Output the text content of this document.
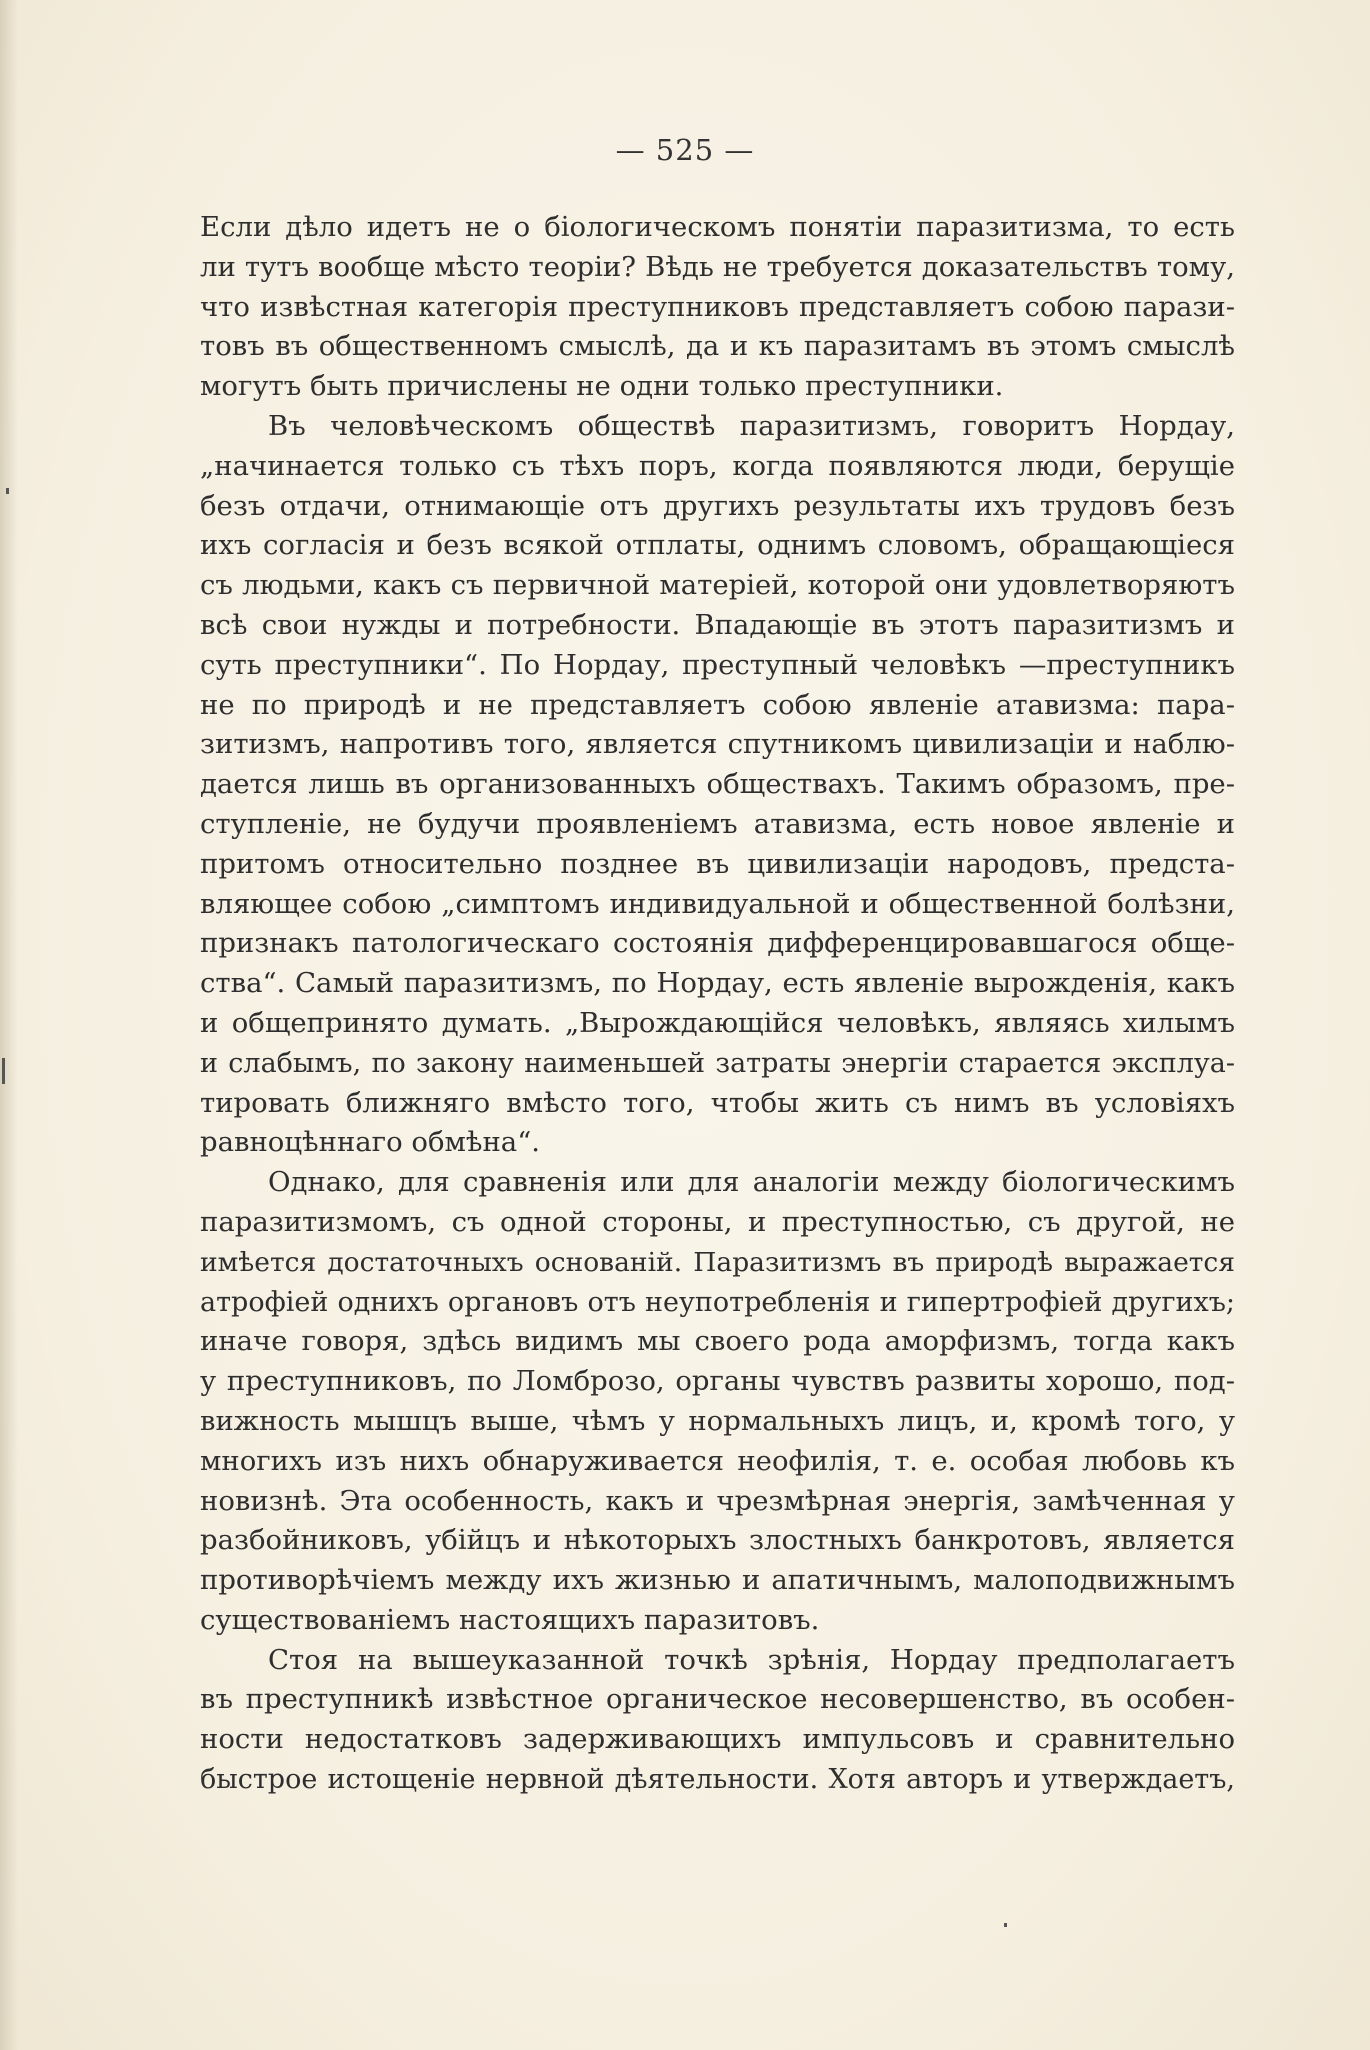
— 525 —
Если дѣло идетъ не о біологическомъ понятіи паразитизма, то есть
ли тутъ вообще мѣсто теоріи? Вѣдь не требуется доказательствъ тому,
что извѣстная категорія преступниковъ представляетъ собою парази-
товъ въ общественномъ смыслѣ, да и къ паразитамъ въ этомъ смыслѣ
могутъ быть причислены не одни только преступники.
Въ человѣческомъ обществѣ паразитизмъ, говоритъ Нордау,
„начинается только съ тѣхъ поръ, когда появляются люди, берущіе
безъ отдачи, отнимающіе отъ другихъ результаты ихъ трудовъ безъ
ихъ согласія и безъ всякой отплаты, однимъ словомъ, обращающіеся
съ людьми, какъ съ первичной матеріей, которой они удовлетворяютъ
всѣ свои нужды и потребности. Впадающіе въ этотъ паразитизмъ и
суть преступники“. По Нордау, преступный человѣкъ —преступникъ
не по природѣ и не представляетъ собою явленіе атавизма: пара-
зитизмъ, напротивъ того, является спутникомъ цивилизаціи и наблю-
дается лишь въ организованныхъ обществахъ. Такимъ образомъ, пре-
ступленіе, не будучи проявленіемъ атавизма, есть новое явленіе и
притомъ относительно позднее въ цивилизаціи народовъ, предста-
вляющее собою „симптомъ индивидуальной и общественной болѣзни,
признакъ патологическаго состоянія дифференцировавшагося обще-
ства“. Самый паразитизмъ, по Нордау, есть явленіе вырожденія, какъ
и общепринято думать. „Вырождающійся человѣкъ, являясь хилымъ
и слабымъ, по закону наименьшей затраты энергіи старается эксплуа-
тировать ближняго вмѣсто того, чтобы жить съ нимъ въ условіяхъ
равноцѣннаго обмѣна“.
Однако, для сравненія или для аналогіи между біологическимъ
паразитизмомъ, съ одной стороны, и преступностью, съ другой, не
имѣется достаточныхъ основаній. Паразитизмъ въ природѣ выражается
атрофіей однихъ органовъ отъ неупотребленія и гипертрофіей другихъ;
иначе говоря, здѣсь видимъ мы своего рода аморфизмъ, тогда какъ
у преступниковъ, по Ломброзо, органы чувствъ развиты хорошо, под-
вижность мышцъ выше, чѣмъ у нормальныхъ лицъ, и, кромѣ того, у
многихъ изъ нихъ обнаруживается неофилія, т. е. особая любовь къ
новизнѣ. Эта особенность, какъ и чрезмѣрная энергія, замѣченная у
разбойниковъ, убійцъ и нѣкоторыхъ злостныхъ банкротовъ, является
противорѣчіемъ между ихъ жизнью и апатичнымъ, малоподвижнымъ
существованіемъ настоящихъ паразитовъ.
Стоя на вышеуказанной точкѣ зрѣнія, Нордау предполагаетъ
въ преступникѣ извѣстное органическое несовершенство, въ особен-
ности недостатковъ задерживающихъ импульсовъ и сравнительно
быстрое истощеніе нервной дѣятельности. Хотя авторъ и утверждаетъ,
